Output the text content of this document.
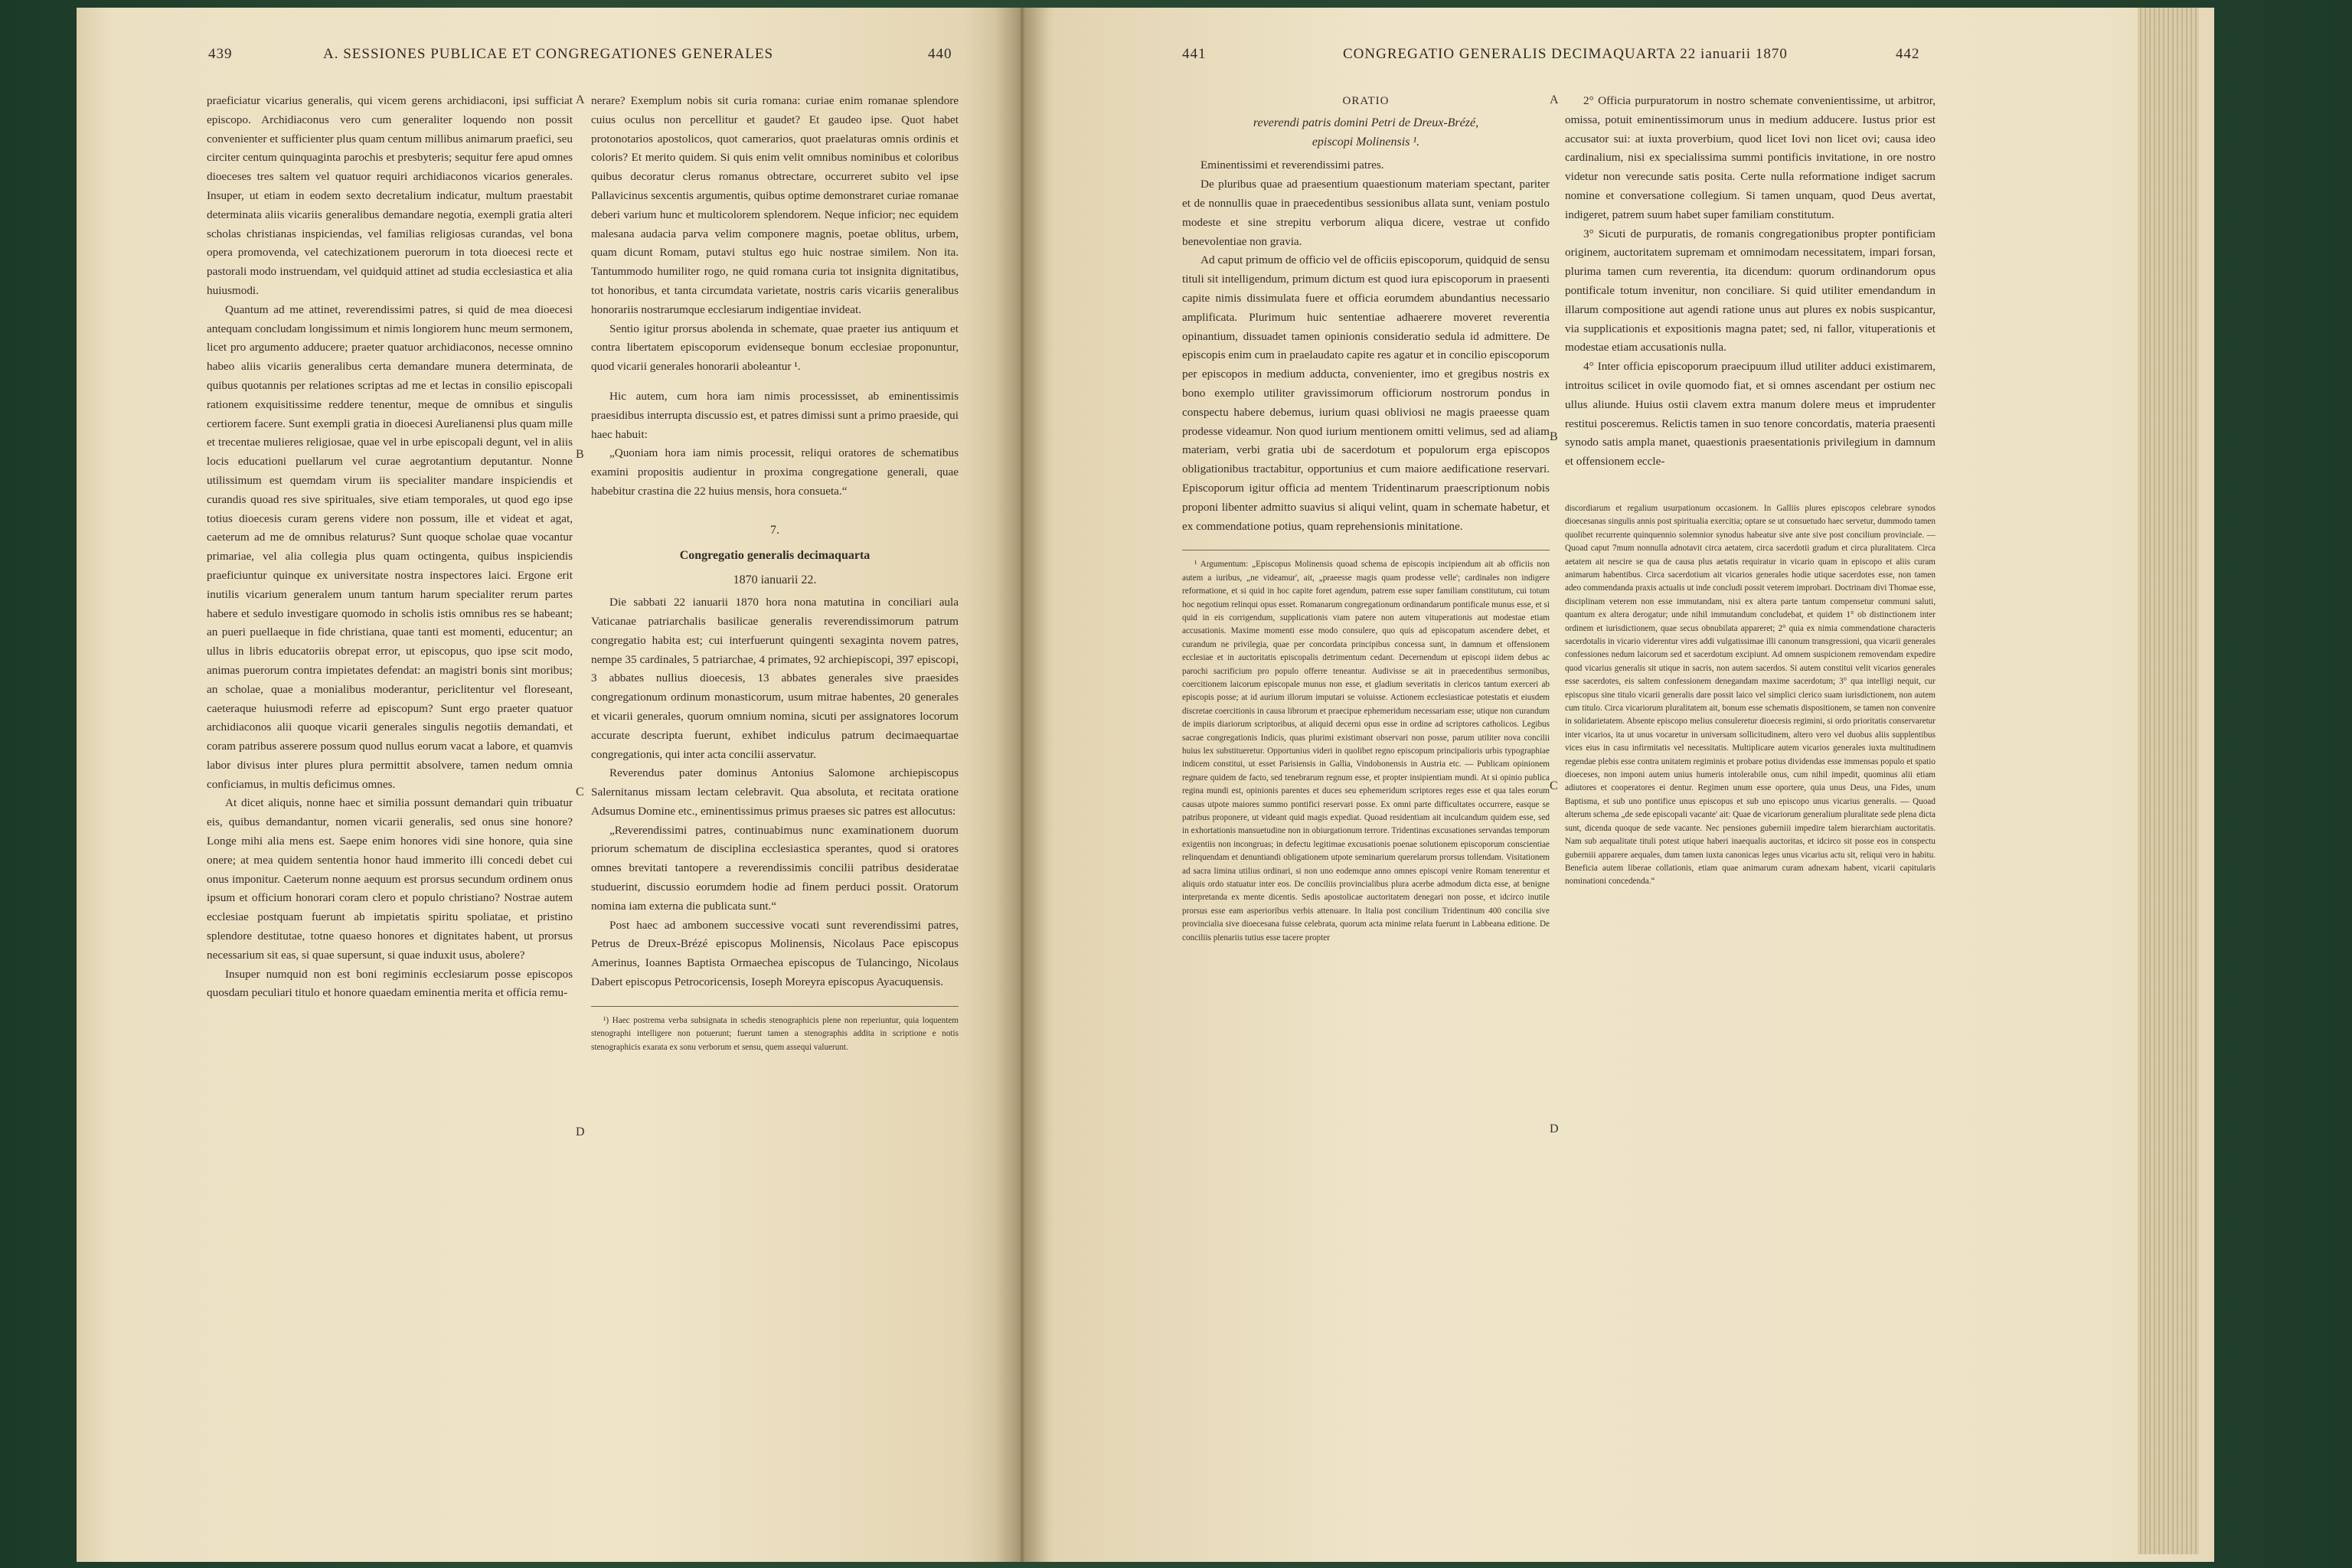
439	A. SESSIONES PUBLICAE ET CONGREGATIONES GENERALES	440

praeficiatur vicarius generalis, qui vicem gerens archidiaconi, ipsi sufficiat episcopo. Archidiaconus vero cum generaliter loquendo non possit convenienter et sufficienter plus quam centum millibus animarum praefici, seu circiter centum quinquaginta parochis et presbyteris; sequitur fere apud omnes dioeceses tres saltem vel quatuor requiri archidiaconos vicarios generales. Insuper, ut etiam in eodem sexto decretalium indicatur, multum praestabit determinata aliis vicariis generalibus demandare negotia, exempli gratia alteri scholas christianas inspiciendas, vel familias religiosas curandas, vel bona opera promovenda, vel catechizationem puerorum in tota dioecesi recte et pastorali modo instruendam, vel quidquid attinet ad studia ecclesiastica et alia huiusmodi.

Quantum ad me attinet, reverendissimi patres, si quid de mea dioecesi antequam concludam longissimum et nimis longiorem hunc meum sermonem, licet pro argumento adducere; praeter quatuor archidiaconos, necesse omnino habeo aliis vicariis generalibus certa demandare munera determinata, de quibus quotannis per relationes scriptas ad me et lectas in consilio episcopali rationem exquisitissime reddere tenentur, meque de omnibus et singulis certiorem facere. Sunt exempli gratia in dioecesi Aurelianensi plus quam mille et trecentae mulieres religiosae, quae vel in urbe episcopali degunt, vel in aliis locis educationi puellarum vel curae aegrotantium deputantur. Nonne utilissimum est quemdam virum iis specialiter mandare inspiciendis et curandis quoad res sive spirituales, sive etiam temporales, ut quod ego ipse totius dioecesis curam gerens videre non possum, ille et videat et agat, caeterum ad me de omnibus relaturus? Sunt quoque scholae quae vocantur primariae, vel alia collegia plus quam octingenta, quibus inspiciendis praeficiuntur quinque ex universitate nostra inspectores laici. Ergone erit inutilis vicarium generalem unum tantum harum specialiter rerum partes habere et sedulo investigare quomodo in scholis istis omnibus res se habeant; an pueri puellaeque in fide christiana, quae tanti est momenti, educentur; an ullus in libris educatoriis obrepat error, ut episcopus, quo ipse scit modo, animas puerorum contra impietates defendat: an magistri bonis sint moribus; an scholae, quae a monialibus moderantur, periclitentur vel floreseant, caeteraque huiusmodi referre ad episcopum? Sunt ergo praeter quatuor archidiaconos alii quoque vicarii generales singulis negotiis demandati, et coram patribus asserere possum quod nullus eorum vacat a labore, et quamvis labor divisus inter plures plura permittit absolvere, tamen nedum omnia conficiamus, in multis deficimus omnes.

At dicet aliquis, nonne haec et similia possunt demandari quin tribuatur eis, quibus demandantur, nomen vicarii generalis, sed onus sine honore? Longe mihi alia mens est. Saepe enim honores vidi sine honore, quia sine onere; at mea quidem sententia honor haud immerito illi concedi debet cui onus imponitur. Caeterum nonne aequum est prorsus secundum ordinem onus ipsum et officium honorari coram clero et populo christiano? Nostrae autem ecclesiae postquam fuerunt ab impietatis spiritu spoliatae, et pristino splendore destitutae, totne quaeso honores et dignitates habent, ut prorsus necessarium sit eas, si quae supersunt, si quae induxit usus, abolere?

Insuper numquid non est boni regiminis ecclesiarum posse episcopos quosdam peculiari titulo et honore quaedam eminentia merita et officia remu-

A
B
C
D

nerare? Exemplum nobis sit curia romana: curiae enim romanae splendore cuius oculus non percellitur et gaudet? Et gaudeo ipse. Quot habet protonotarios apostolicos, quot camerarios, quot praelaturas omnis ordinis et coloris? Et merito quidem. Si quis enim velit omnibus nominibus et coloribus quibus decoratur clerus romanus obtrectare, occurreret subito vel ipse Pallavicinus sexcentis argumentis, quibus optime demonstraret curiae romanae deberi varium hunc et multicolorem splendorem. Neque inficior; nec equidem malesana audacia parva velim componere magnis, poetae oblitus, urbem, quam dicunt Romam, putavi stultus ego huic nostrae similem. Non ita. Tantummodo humiliter rogo, ne quid romana curia tot insignita dignitatibus, tot honoribus, et tanta circumdata varietate, nostris caris vicariis generalibus honorariis nostrarumque ecclesiarum indigentiae invideat.

Sentio igitur prorsus abolenda in schemate, quae praeter ius antiquum et contra libertatem episcoporum evidenseque bonum ecclesiae proponuntur, quod vicarii generales honorarii aboleantur ¹.

Hic autem, cum hora iam nimis processisset, ab eminentissimis praesidibus interrupta discussio est, et patres dimissi sunt a primo praeside, qui haec habuit:

„Quoniam hora iam nimis processit, reliqui oratores de schematibus examini propositis audientur in proxima congregatione generali, quae habebitur crastina die 22 huius mensis, hora consueta.“

7.
Congregatio generalis decimaquarta
1870 ianuarii 22.

Die sabbati 22 ianuarii 1870 hora nona matutina in conciliari aula Vaticanae patriarchalis basilicae generalis reverendissimorum patrum congregatio habita est; cui interfuerunt quingenti sexaginta novem patres, nempe 35 cardinales, 5 patriarchae, 4 primates, 92 archiepiscopi, 397 episcopi, 3 abbates nullius dioecesis, 13 abbates generales sive praesides congregationum ordinum monasticorum, usum mitrae habentes, 20 generales et vicarii generales, quorum omnium nomina, sicuti per assignatores locorum accurate descripta fuerunt, exhibet indiculus patrum decimaequartae congregationis, qui inter acta concilii asservatur.

Reverendus pater dominus Antonius Salomone archiepiscopus Salernitanus missam lectam celebravit. Qua absoluta, et recitata oratione Adsumus Domine etc., eminentissimus primus praeses sic patres est allocutus:

„Reverendissimi patres, continuabimus nunc examinationem duorum priorum schematum de disciplina ecclesiastica sperantes, quod si oratores omnes brevitati tantopere a reverendissimis concilii patribus desideratae studuerint, discussio eorumdem hodie ad finem perduci possit. Oratorum nomina iam externa die publicata sunt.“

Post haec ad ambonem successive vocati sunt reverendissimi patres, Petrus de Dreux-Brézé episcopus Molinensis, Nicolaus Pace episcopus Amerinus, Ioannes Baptista Ormaechea episcopus de Tulancingo, Nicolaus Dabert episcopus Petrocoricensis, Ioseph Moreyra episcopus Ayacuquensis.

¹) Haec postrema verba subsignata in schedis stenographicis plene non reperiuntur, quia loquentem stenographi intelligere non potuerunt; fuerunt tamen a stenographis addita in scriptione e notis stenographicis exarata ex sonu verborum et sensu, quem assequi valuerunt.

441	CONGREGATIO GENERALIS DECIMAQUARTA 22 ianuarii 1870	442
ORATIO
reverendi patris domini Petri de Dreux-Brézé,
episcopi Molinensis ¹.

Eminentissimi et reverendissimi patres.

De pluribus quae ad praesentium quaestionum materiam spectant, pariter et de nonnullis quae in praecedentibus sessionibus allata sunt, veniam postulo modeste et sine strepitu verborum aliqua dicere, vestrae ut confido benevolentiae non gravia.

Ad caput primum de officio vel de officiis episcoporum, quidquid de sensu tituli sit intelligendum, primum dictum est quod iura episcoporum in praesenti capite nimis dissimulata fuere et officia eorumdem abundantius necessario amplificata. Plurimum huic sententiae adhaerere moveret reverentia opinantium, dissuadet tamen opinionis consideratio sedula id admittere. De episcopis enim cum in praelaudato capite res agatur et in concilio episcoporum per episcopos in medium adducta, convenienter, imo et gregibus nostris ex bono exemplo utiliter gravissimorum officiorum nostrorum pondus in conspectu habere debemus, iurium quasi obliviosi ne magis praeesse quam prodesse videamur. Non quod iurium mentionem omitti velimus, sed ad aliam materiam, verbi gratia ubi de sacerdotum et populorum erga episcopos obligationibus tractabitur, opportunius et cum maiore aedificatione reservari. Episcoporum igitur officia ad mentem Tridentinarum praescriptionum nobis proponi libenter admitto suavius si aliqui velint, quam in schemate habetur, et ex commendatione potius, quam reprehensionis minitatione.

¹ Argumentum: „Episcopus Molinensis quoad schema de episcopis incipiendum ait ab officiis non autem a iuribus, „ne videamur', ait, „praeesse magis quam prodesse velle'; cardinales non indigere reformatione, et si quid in hoc capite foret agendum, patrem esse super familiam constitutum, cui totum hoc negotium relinqui opus esset. Romanarum congregationum ordinandarum pontificale munus esse, et si quid in eis corrigendum, supplicationis viam patere non autem vituperationis aut modestae etiam accusationis. Maxime momenti esse modo consulere, quo quis ad episcopatum ascendere debet, et curandum ne privilegia, quae per concordata principibus concessa sunt, in damnum et offensionem ecclesiae et in auctoritatis episcopalis detrimentum cedant. Decernendum ut episcopi iidem debus ac parochi sacrificium pro populo offerre teneantur. Audivisse se ait in praecedentibus sermonibus, coercitionem laicorum episcopale munus non esse, et gladium severitatis in clericos tantum exerceri ab episcopis posse; at id aurium illorum imputari se voluisse. Actionem ecclesiasticae potestatis et eiusdem discretae coercitionis in causa librorum et praecipue ephemeridum necessariam esse; utique non curandum de impiis diariorum scriptoribus, at aliquid decerni opus esse in ordine ad scriptores catholicos. Legibus sacrae congregationis Indicis, quas plurimi existimant observari non posse, parum utiliter nova concilii huius lex substitueretur. Opportunius videri in quolibet regno episcopum principalioris urbis typographiae indicem constitui, ut esset Parisiensis in Gallia, Vindobonensis in Austria etc. — Publicam opinionem regnare quidem de facto, sed tenebrarum regnum esse, et propter insipientiam mundi. At si opinio publica regina mundi est, opinionis parentes et duces seu ephemeridum scriptores reges esse et qua tales eorum causas utpote maiores summo pontifici reservari posse. Ex omni parte difficultates occurrere, easque se patribus proponere, ut videant quid magis expediat. Quoad residentiam ait inculcandum quidem esse, sed in exhortationis mansuetudine non in obiurgationum terrore. Tridentinas excusationes servandas temporum exigentiis non incongruas; in defectu legitimae excusationis poenae solutionem episcoporum conscientiae relinquendam et denuntiandi obligationem utpote seminarium querelarum prorsus tollendam. Visitationem ad sacra limina utilius ordinari, si non uno eodemque anno omnes episcopi venire Romam tenerentur et aliquis ordo statuatur inter eos. De conciliis provincialibus plura acerbe admodum dicta esse, at benigne interpretanda ex mente dicentis. Sedis apostolicae auctoritatem denegari non posse, et idcirco inutile prorsus esse eam asperioribus verbis attenuare. In Italia post concilium Tridentinum 400 concilia sive provincialia sive dioecesana fuisse celebrata, quorum acta minime relata fuerunt in Labbeana editione. De conciliis plenariis tutius esse tacere propter

A
B
C
D

2° Officia purpuratorum in nostro schemate convenientissime, ut arbitror, omissa, potuit eminentissimorum unus in medium adducere. Iustus prior est accusator sui: at iuxta proverbium, quod licet Iovi non licet ovi; causa ideo cardinalium, nisi ex specialissima summi pontificis invitatione, in ore nostro videtur non verecunde satis posita. Certe nulla reformatione indiget sacrum nomine et conversatione collegium. Si tamen unquam, quod Deus avertat, indigeret, patrem suum habet super familiam constitutum.

3° Sicuti de purpuratis, de romanis congregationibus propter pontificiam originem, auctoritatem supremam et omnimodam necessitatem, impari forsan, plurima tamen cum reverentia, ita dicendum: quorum ordinandorum opus pontificale totum invenitur, non conciliare. Si quid utiliter emendandum in illarum compositione aut agendi ratione unus aut plures ex nobis suspicantur, via supplicationis et expositionis magna patet; sed, ni fallor, vituperationis et modestae etiam accusationis nulla.

4° Inter officia episcoporum praecipuum illud utiliter adduci existimarem, introitus scilicet in ovile quomodo fiat, et si omnes ascendant per ostium nec ullus aliunde. Huius ostii clavem extra manum dolere meus et imprudenter restitui posceremus. Relictis tamen in suo tenore concordatis, materia praesenti synodo satis ampla manet, quaestionis praesentationis privilegium in damnum et offensionem eccle-

discordiarum et regalium usurpationum occasionem. In Galliis plures episcopos celebrare synodos dioecesanas singulis annis post spiritualia exercitia; optare se ut consuetudo haec servetur, dummodo tamen quolibet recurrente quinquennio solemnior synodus habeatur sive ante sive post concilium provinciale. — Quoad caput 7mum nonnulla adnotavit circa aetatem, circa sacerdotii gradum et circa pluralitatem. Circa aetatem ait nescire se qua de causa plus aetatis requiratur in vicario quam in episcopo et aliis curam animarum habentibus. Circa sacerdotium ait vicarios generales hodie utique sacerdotes esse, non tamen adeo commendanda praxis actualis ut inde concludi possit veterem improbari. Doctrinam divi Thomae esse, disciplinam veterem non esse immutandam, nisi ex altera parte tantum compensetur communi saluti, quantum ex altera derogatur; unde nihil immutandum concludebat, et quidem 1° ob distinctionem inter ordinem et iurisdictionem, quae secus obnubilata appareret; 2° quia ex nimia commendatione characteris sacerdotalis in vicario viderentur vires addi vulgatissimae illi canonum transgressioni, qua vicarii generales confessiones nedum laicorum sed et sacerdotum excipiunt. Ad omnem suspicionem removendam expedire quod vicarius generalis sit utique in sacris, non autem sacerdos. Si autem constitui velit vicarios generales esse sacerdotes, eis saltem confessionem denegandam maxime sacerdotum; 3° qua intelligi nequit, cur episcopus sine titulo vicarii generalis dare possit laico vel simplici clerico suam iurisdictionem, non autem cum titulo. Circa vicariorum pluralitatem ait, bonum esse schematis dispositionem, se tamen non convenire in solidarietatem. Absente episcopo melius consuleretur dioecesis regimini, si ordo prioritatis conservaretur inter vicarios, ita ut unus vocaretur in universam sollicitudinem, altero vero vel duobus aliis supplentibus vices eius in casu infirmitatis vel necessitatis. Multiplicare autem vicarios generales iuxta multitudinem regendae plebis esse contra unitatem regiminis et probare potius dividendas esse immensas populo et spatio dioeceses, non imponi autem unius humeris intolerabile onus, cum nihil impedit, quominus alii etiam adiutores et cooperatores ei dentur. Regimen unum esse oportere, quia unus Deus, una Fides, unum Baptisma, et sub uno pontifice unus episcopus et sub uno episcopo unus vicarius generalis. — Quoad alterum schema „de sede episcopali vacante' ait: Quae de vicariorum generalium pluralitate sede plena dicta sunt, dicenda quoque de sede vacante. Nec pensiones guberniii impedire talem hierarchiam auctoritatis. Nam sub aequalitate tituli potest utique haberi inaequalis auctoritas, et idcirco sit posse eos in conspectu guberniii apparere aequales, dum tamen iuxta canonicas leges unus vicarius actu sit, reliqui vero in habitu. Beneficia autem liberae collationis, etiam quae animarum curam adnexam habent, vicarii capitularis nominationi concedenda.“
